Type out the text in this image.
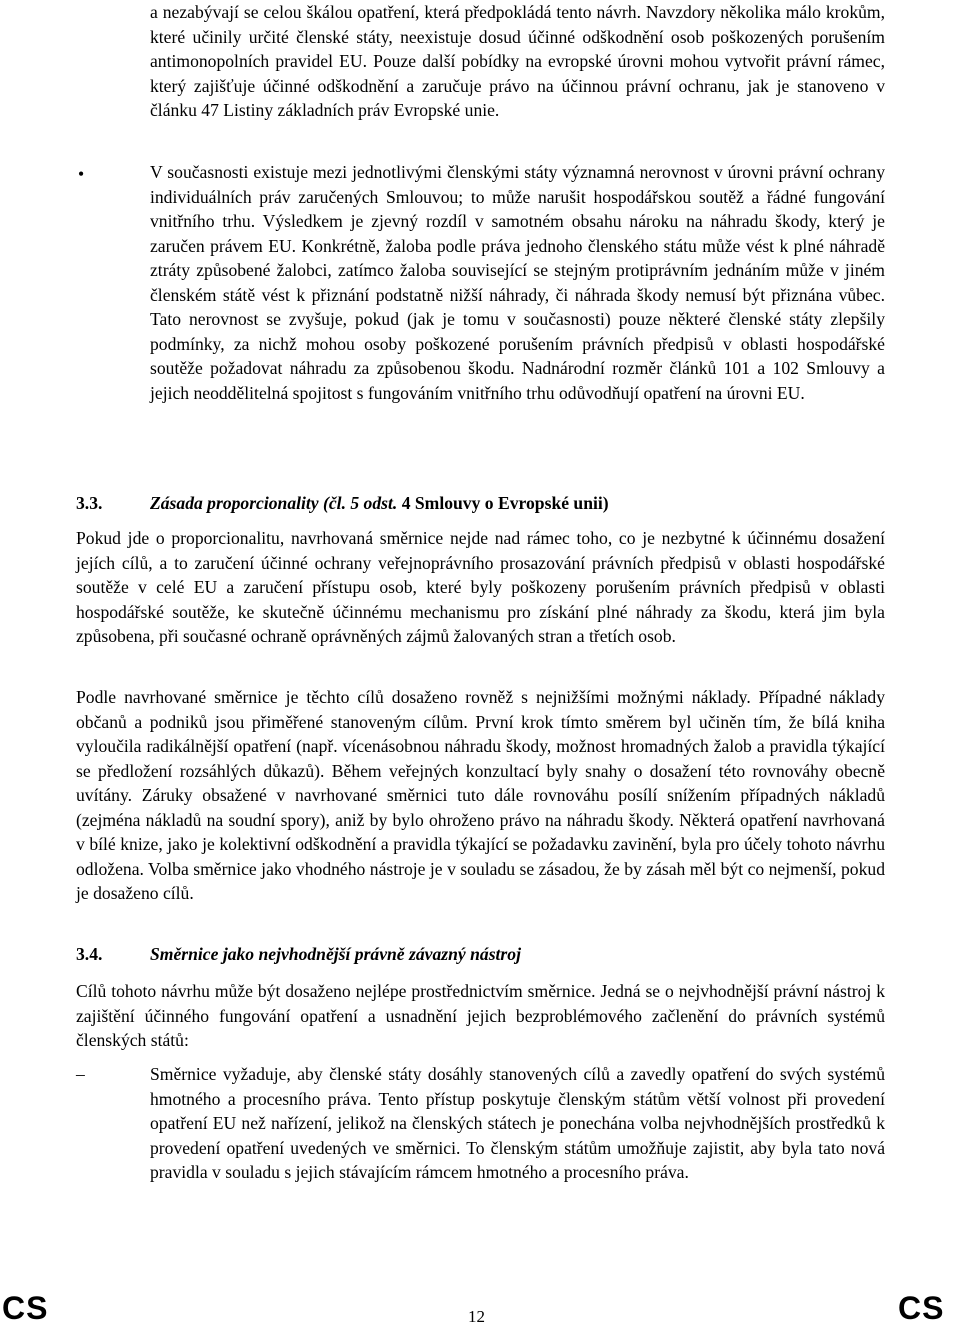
a nezabývají se celou škálou opatření, která předpokládá tento návrh. Navzdory několika málo krokům, které učinily určité členské státy, neexistuje dosud účinné odškodnění osob poškozených porušením antimonopolních pravidel EU. Pouze další pobídky na evropské úrovni mohou vytvořit právní rámec, který zajišťuje účinné odškodnění a zaručuje právo na účinnou právní ochranu, jak je stanoveno v článku 47 Listiny základních práv Evropské unie.

•	V současnosti existuje mezi jednotlivými členskými státy významná nerovnost v úrovni právní ochrany individuálních práv zaručených Smlouvou; to může narušit hospodářskou soutěž a řádné fungování vnitřního trhu. Výsledkem je zjevný rozdíl v samotném obsahu nároku na náhradu škody, který je zaručen právem EU. Konkrétně, žaloba podle práva jednoho členského státu může vést k plné náhradě ztráty způsobené žalobci, zatímco žaloba související se stejným protiprávním jednáním může v jiném členském státě vést k přiznání podstatně nižší náhrady, či náhrada škody nemusí být přiznána vůbec. Tato nerovnost se zvyšuje, pokud (jak je tomu v současnosti) pouze některé členské státy zlepšily podmínky, za nichž mohou osoby poškozené porušením právních předpisů v oblasti hospodářské soutěže požadovat náhradu za způsobenou škodu. Nadnárodní rozměr článků 101 a 102 Smlouvy a jejich neoddělitelná spojitost s fungováním vnitřního trhu odůvodňují opatření na úrovni EU.

3.3.	Zásada proporcionality (čl. 5 odst. 4 Smlouvy o Evropské unii)

Pokud jde o proporcionalitu, navrhovaná směrnice nejde nad rámec toho, co je nezbytné k účinnému dosažení jejích cílů, a to zaručení účinné ochrany veřejnoprávního prosazování právních předpisů v oblasti hospodářské soutěže v celé EU a zaručení přístupu osob, které byly poškozeny porušením právních předpisů v oblasti hospodářské soutěže, ke skutečně účinnému mechanismu pro získání plné náhrady za škodu, která jim byla způsobena, při současné ochraně oprávněných zájmů žalovaných stran a třetích osob.

Podle navrhované směrnice je těchto cílů dosaženo rovněž s nejnižšími možnými náklady. Případné náklady občanů a podniků jsou přiměřené stanoveným cílům. První krok tímto směrem byl učiněn tím, že bílá kniha vyloučila radikálnější opatření (např. vícenásobnou náhradu škody, možnost hromadných žalob a pravidla týkající se předložení rozsáhlých důkazů). Během veřejných konzultací byly snahy o dosažení této rovnováhy obecně uvítány. Záruky obsažené v navrhované směrnici tuto dále rovnováhu posílí snížením případných nákladů (zejména nákladů na soudní spory), aniž by bylo ohroženo právo na náhradu škody. Některá opatření navrhovaná v bílé knize, jako je kolektivní odškodnění a pravidla týkající se požadavku zavinění, byla pro účely tohoto návrhu odložena. Volba směrnice jako vhodného nástroje je v souladu se zásadou, že by zásah měl být co nejmenší, pokud je dosaženo cílů.

3.4.	Směrnice jako nejvhodnější právně závazný nástroj

Cílů tohoto návrhu může být dosaženo nejlépe prostřednictvím směrnice. Jedná se o nejvhodnější právní nástroj k zajištění účinného fungování opatření a usnadnění jejich bezproblémového začlenění do právních systémů členských států:

–	Směrnice vyžaduje, aby členské státy dosáhly stanovených cílů a zavedly opatření do svých systémů hmotného a procesního práva. Tento přístup poskytuje členským státům větší volnost při provedení opatření EU než nařízení, jelikož na členských státech je ponechána volba nejvhodnějších prostředků k provedení opatření uvedených ve směrnici. To členským státům umožňuje zajistit, aby byla tato nová pravidla v souladu s jejich stávajícím rámcem hmotného a procesního práva.

CS	12	CS
